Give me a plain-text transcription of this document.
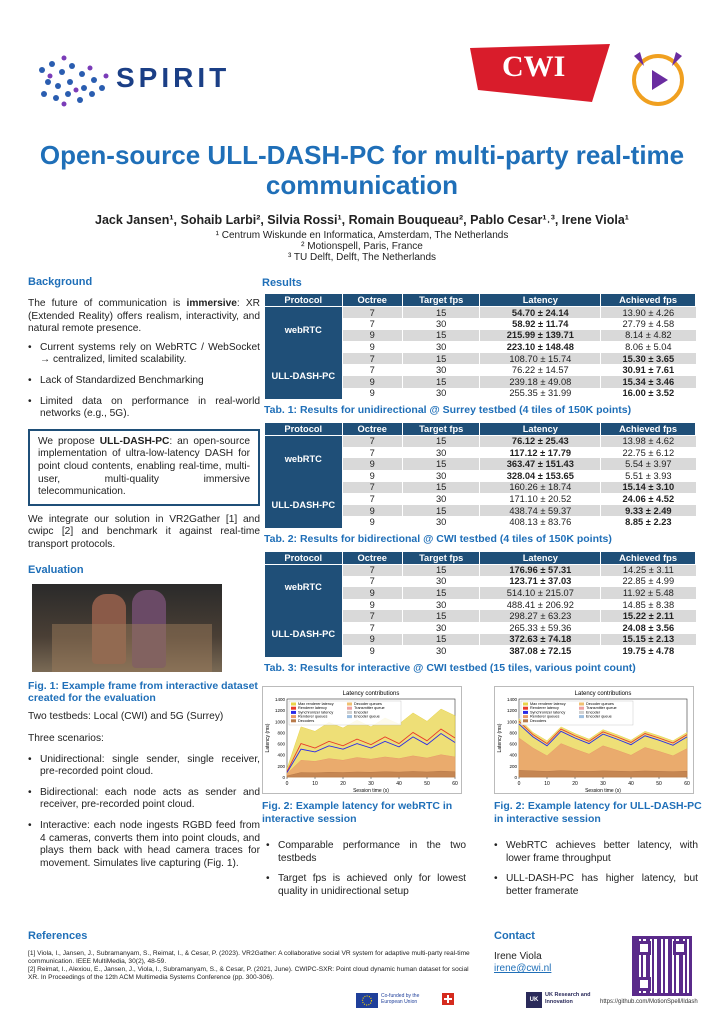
SPIRIT	CWI
Open-source ULL-DASH-PC for multi-party real-time communication
Jack Jansen¹, Sohaib Larbi², Silvia Rossi¹, Romain Bouqueau², Pablo Cesar¹˒³, Irene Viola¹
¹ Centrum Wiskunde en Informatica, Amsterdam, The Netherlands
² Motionspell, Paris, France
³ TU Delft, Delft, The Netherlands
Background

The future of communication is immersive: XR (Extended Reality) offers realism, interactivity, and natural remote presence.

• Current systems rely on WebRTC / WebSocket → centralized, limited scalability.
• Lack of Standardized Benchmarking
• Limited data on performance in real-world networks (e.g., 5G).
We propose ULL-DASH-PC: an open-source implementation of ultra-low-latency DASH for point cloud contents, enabling real-time, multi-user, multi-quality immersive telecommunication.

We integrate our solution in VR2Gather [1] and cwipc [2] and benchmark it against real-time transport protocols.

Evaluation
Fig. 1: Example frame from interactive dataset created for the evaluation

Two testbeds: Local (CWI) and 5G (Surrey)

Three scenarios:

• Unidirectional: single sender, single receiver, pre-recorded point cloud.
• Bidirectional: each node acts as sender and receiver, pre-recorded point cloud.
• Interactive: each node ingests RGBD feed from 4 cameras, converts them into point clouds, and plays them back with head camera traces for movement. Simulates live capturing (Fig. 1).
Results
Protocol	Octree	Target fps	Latency	Achieved fps
webRTC	7	15	54.70 ± 24.14	13.90 ± 4.26
	7	30	58.92 ± 11.74	27.79 ± 4.58
	9	15	215.99 ± 139.71	8.14 ± 4.82
	9	30	223.10 ± 148.48	8.06 ± 5.04
ULL-DASH-PC	7	15	108.70 ± 15.74	15.30 ± 3.65
	7	30	76.22 ± 14.57	30.91 ± 7.61
	9	15	239.18 ± 49.08	15.34 ± 3.46
	9	30	255.35 ± 31.99	16.00 ± 3.52
Tab. 1: Results for unidirectional @ Surrey testbed (4 tiles of 150K points)
Protocol	Octree	Target fps	Latency	Achieved fps
webRTC	7	15	76.12 ± 25.43	13.98 ± 4.62
	7	30	117.12 ± 17.79	22.75 ± 6.12
	9	15	363.47 ± 151.43	5.54 ± 3.97
	9	30	328.04 ± 153.65	5.51 ± 3.93
ULL-DASH-PC	7	15	160.26 ± 18.74	15.14 ± 3.10
	7	30	171.10 ± 20.52	24.06 ± 4.52
	9	15	438.74 ± 59.37	9.33 ± 2.49
	9	30	408.13 ± 83.76	8.85 ± 2.23
Tab. 2: Results for bidirectional @ CWI testbed (4 tiles of 150K points)
Protocol	Octree	Target fps	Latency	Achieved fps
webRTC	7	15	176.96 ± 57.31	14.25 ± 3.11
	7	30	123.71 ± 37.03	22.85 ± 4.99
	9	15	514.10 ± 215.07	11.92 ± 5.48
	9	30	488.41 ± 206.92	14.85 ± 8.38
ULL-DASH-PC	7	15	298.27 ± 63.23	15.22 ± 2.11
	7	30	265.33 ± 59.36	24.08 ± 3.56
	9	15	372.63 ± 74.18	15.15 ± 2.13
	9	30	387.08 ± 72.15	19.75 ± 4.78
Tab. 3: Results for interactive @ CWI testbed (15 tiles, various point count)
Latency contributions
0	10	20	30	40	50	60
0
200
400
600
800
1000
1200
1400
Session time (s)
Latency (ms)
Max renderer latency
Renderer latency
Synchronizer latency
Renderer queues
Decoders
Decoder queues
Transmitter queue
Encoder
Encoder queue
Latency contributions
0	10	20	30	40	50	60
0
200
400
600
800
1000
1200
1400
Session time (s)
Latency (ms)
Max renderer latency
Renderer latency
Synchronizer latency
Renderer queues
Decoders
Decoder queues
Transmitter queue
Encoder
Encoder queue
Fig. 2: Example latency for webRTC in interactive session
Fig. 2: Example latency for ULL-DASH-PC in interactive session
• Comparable performance in the two testbeds
• Target fps is achieved only for lowest quality in unidirectional setup
• WebRTC achieves better latency, with lower frame throughput
• ULL-DASH-PC has higher latency, but better framerate
References

[1] Viola, I., Jansen, J., Subramanyam, S., Reimat, I., & Cesar, P. (2023). VR2Gather: A collaborative social VR system for adaptive multi-party real-time communication. IEEE MultiMedia, 30(2), 48-59.

[2] Reimat, I., Alexiou, E., Jansen, J., Viola, I., Subramanyam, S., & Cesar, P. (2021, June). CWIPC-SXR: Point cloud dynamic human dataset for social XR. In Proceedings of the 12th ACM Multimedia Systems Conference (pp. 300-306).

Contact
Irene Viola
irene@cwi.nl
https://github.com/MotionSpell/lldash
Co-funded by the European Union	UK
UK Research and Innovation
